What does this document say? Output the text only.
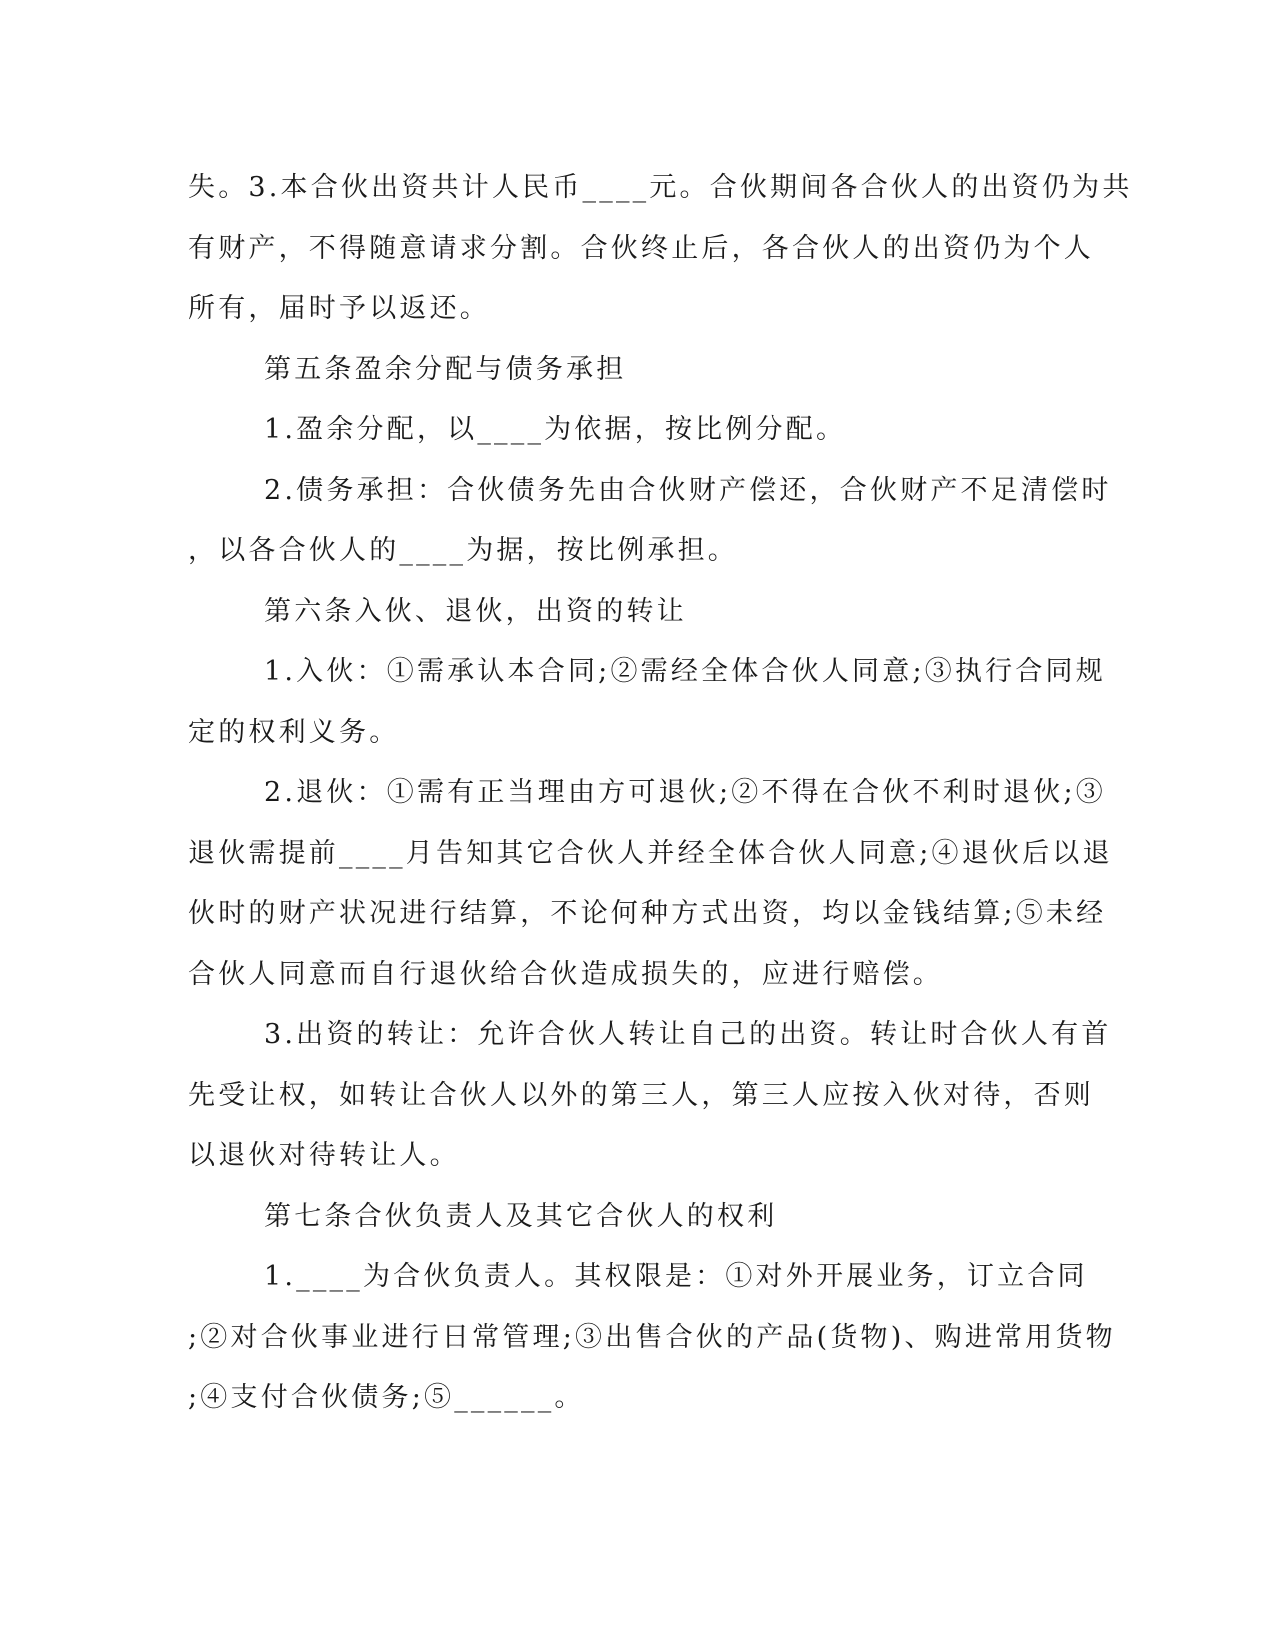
失。3.本合伙出资共计人民币____元。合伙期间各合伙人的出资仍为共
有财产，不得随意请求分割。合伙终止后，各合伙人的出资仍为个人
所有，届时予以返还。
第五条盈余分配与债务承担
1.盈余分配，以____为依据，按比例分配。
2.债务承担：合伙债务先由合伙财产偿还，合伙财产不足清偿时
，以各合伙人的____为据，按比例承担。
第六条入伙、退伙，出资的转让
1.入伙：①需承认本合同;②需经全体合伙人同意;③执行合同规
定的权利义务。
2.退伙：①需有正当理由方可退伙;②不得在合伙不利时退伙;③
退伙需提前____月告知其它合伙人并经全体合伙人同意;④退伙后以退
伙时的财产状况进行结算，不论何种方式出资，均以金钱结算;⑤未经
合伙人同意而自行退伙给合伙造成损失的，应进行赔偿。
3.出资的转让：允许合伙人转让自己的出资。转让时合伙人有首
先受让权，如转让合伙人以外的第三人，第三人应按入伙对待，否则
以退伙对待转让人。
第七条合伙负责人及其它合伙人的权利
1.____为合伙负责人。其权限是：①对外开展业务，订立合同
;②对合伙事业进行日常管理;③出售合伙的产品(货物)、购进常用货物
;④支付合伙债务;⑤______。
